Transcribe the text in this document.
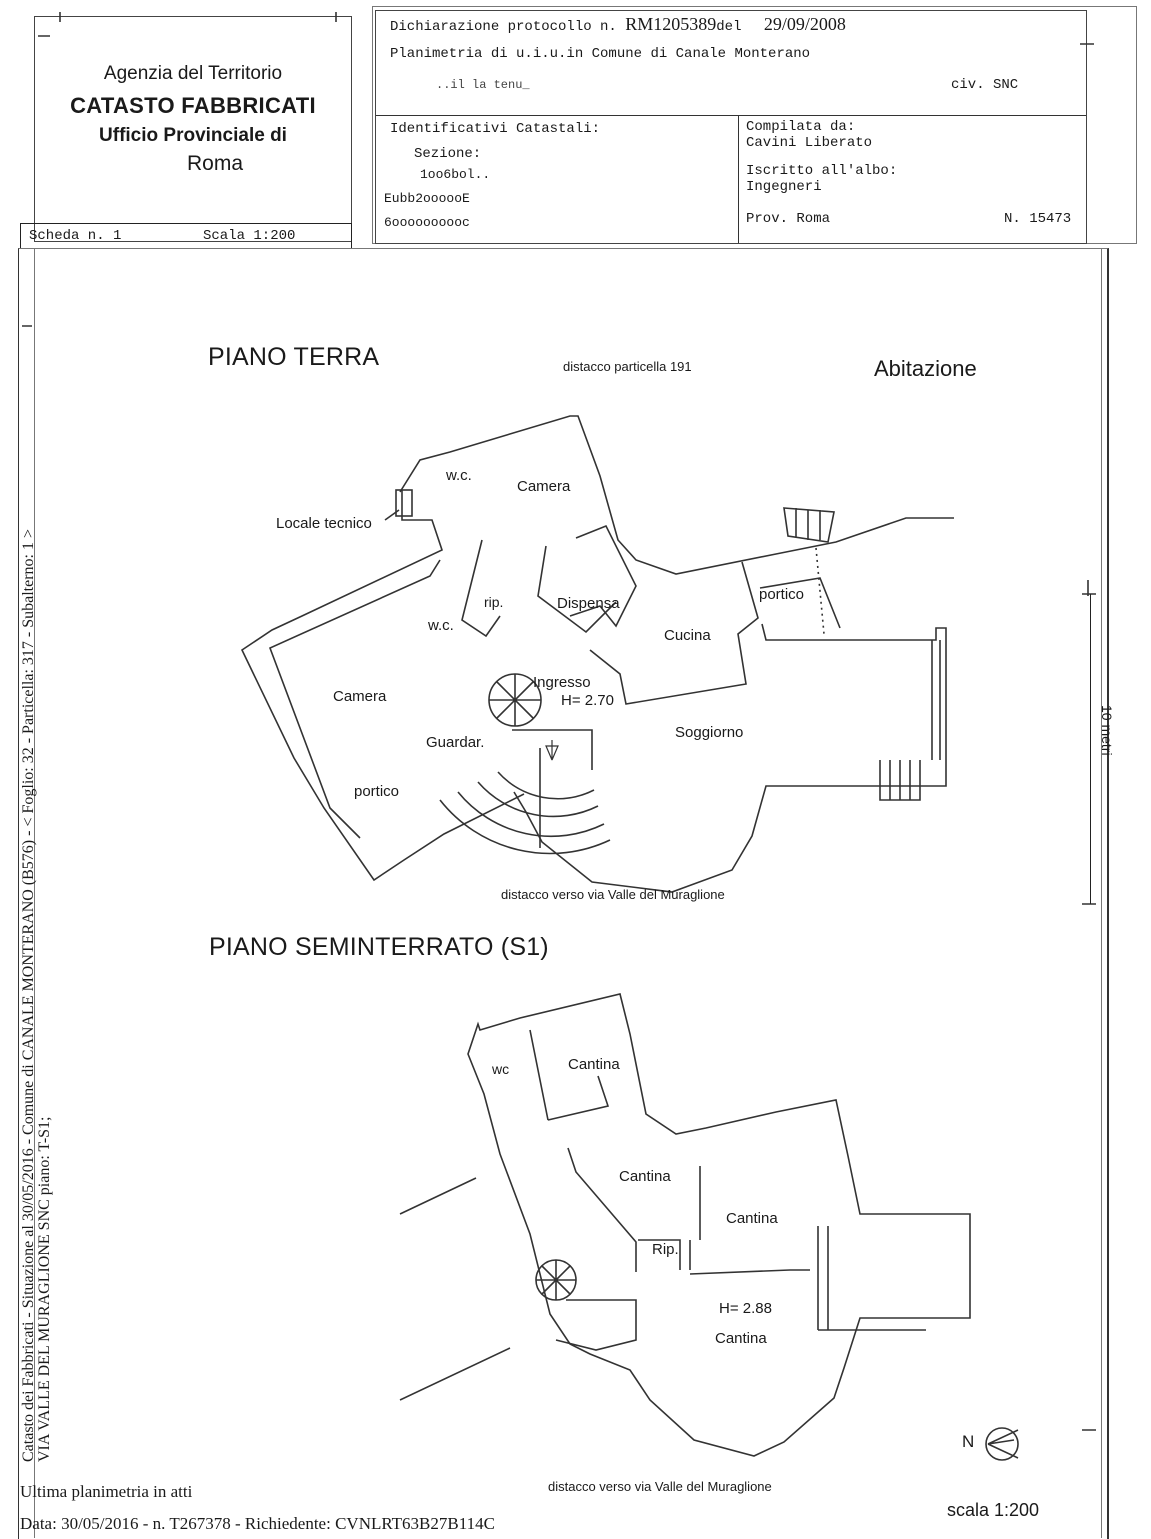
Agenzia del Territorio
CATASTO FABBRICATI
Ufficio Provinciale di
Roma
Scheda n. 1	Scala 1:200
Dichiarazione protocollo n. RM1205389del 29/09/2008
Planimetria di u.i.u.in Comune di Canale Monterano
..il la tenu_	civ. SNC
Identificativi Catastali:
Sezione:
1oo6bol..
Eubb2oooooE
6oooooooooc
Compilata da:
Cavini Liberato
Iscritto all'albo:
Ingegneri
Prov. Roma	N. 15473
Catasto dei Fabbricati - Situazione al 30/05/2016 - Comune di CANALE MONTERANO (B576) - < Foglio: 32 - Particella: 317 - Subalterno: 1 > VIA VALLE DEL MURAGLIONE SNC piano: T-S1;
PIANO TERRA	distacco particella 191	Abitazione
w.c.
Camera
Locale tecnico
rip.	Dispensa
portico
w.c.
Cucina
Camera
Ingresso
H= 2.70
Soggiorno
Guardar.
portico
distacco verso via Valle del Muraglione
10 metri
PIANO SEMINTERRATO (S1)
wc	Cantina
Cantina
Cantina
Rip.
H= 2.88
Cantina
N
distacco verso via Valle del Muraglione
Ultima planimetria in atti
Data: 30/05/2016 - n. T267378 - Richiedente: CVNLRT63B27B114C
scala 1:200
